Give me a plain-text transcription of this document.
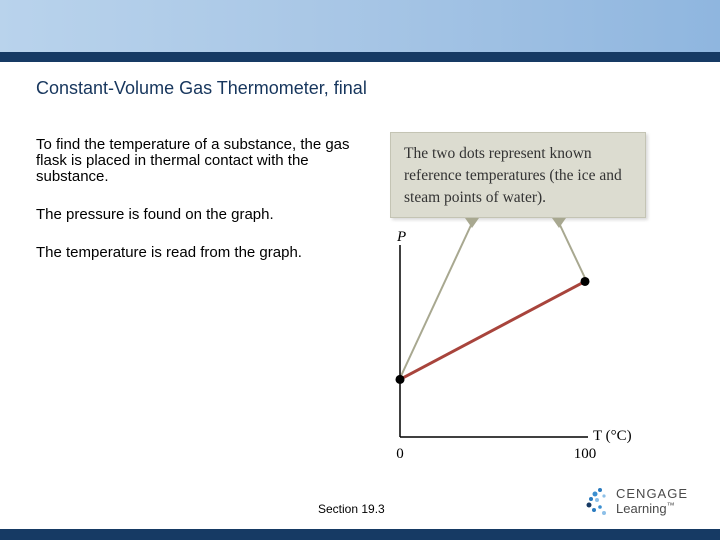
Constant-Volume Gas Thermometer, final

To find the temperature of a substance, the gas flask is placed in thermal contact with the substance.

The pressure is found on the graph.

The temperature is read from the graph.

The two dots represent known reference temperatures (the ice and steam points of water).
P
T (°C)
0	100
Section 19.3
CENGAGE
Learning™
